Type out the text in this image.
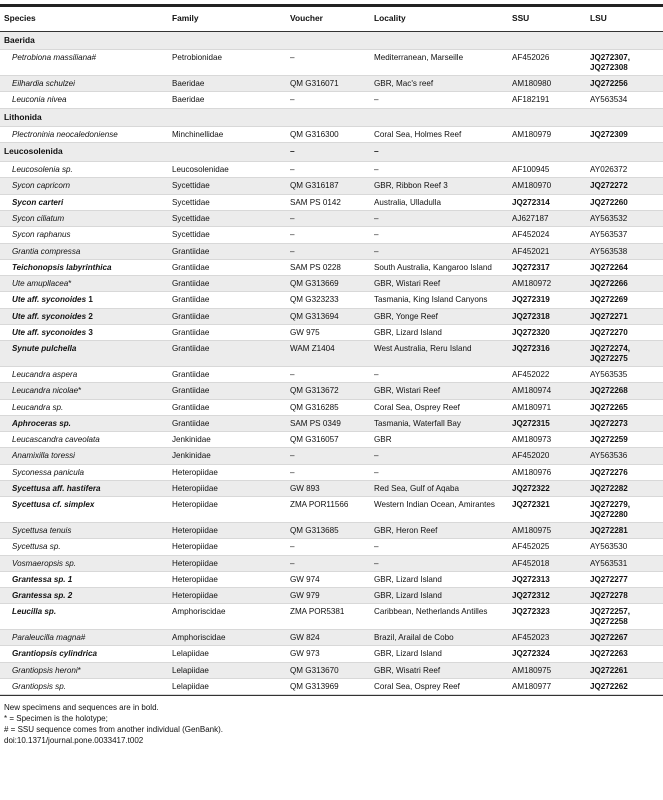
Species	Family	Voucher	Locality	SSU	LSU
Baerida					
Petrobiona massiliana#	Petrobionidae	–	Mediterranean, Marseille	AF452026	JQ272307, JQ272308
Eilhardia schulzei	Baeridae	QM G316071	GBR, Mac's reef	AM180980	JQ272256
Leuconia nivea	Baeridae	–	–	AF182191	AY563534
Lithonida					
Plectroninia neocaledoniense	Minchinellidae	QM G316300	Coral Sea, Holmes Reef	AM180979	JQ272309
Leucosolenida		–	–		
Leucosolenia sp.	Leucosolenidae	–	–	AF100945	AY026372
Sycon capricorn	Sycettidae	QM G316187	GBR, Ribbon Reef 3	AM180970	JQ272272
Sycon carteri	Sycettidae	SAM PS 0142	Australia, Ulladulla	JQ272314	JQ272260
Sycon ciliatum	Sycettidae	–	–	AJ627187	AY563532
Sycon raphanus	Sycettidae	–	–	AF452024	AY563537
Grantia compressa	Grantiidae	–	–	AF452021	AY563538
Teichonopsis labyrinthica	Grantiidae	SAM PS 0228	South Australia, Kangaroo Island	JQ272317	JQ272264
Ute amupllacea*	Grantiidae	QM G313669	GBR, Wistari Reef	AM180972	JQ272266
Ute aff. syconoides 1	Grantiidae	QM G323233	Tasmania, King Island Canyons	JQ272319	JQ272269
Ute aff. syconoides 2	Grantiidae	QM G313694	GBR, Yonge Reef	JQ272318	JQ272271
Ute aff. syconoides 3	Grantiidae	GW 975	GBR, Lizard Island	JQ272320	JQ272270
Synute pulchella	Grantiidae	WAM Z1404	West Australia, Reru Island	JQ272316	JQ272274, JQ272275
Leucandra aspera	Grantiidae	–	–	AF452022	AY563535
Leucandra nicolae*	Grantiidae	QM G313672	GBR, Wistari Reef	AM180974	JQ272268
Leucandra sp.	Grantiidae	QM G316285	Coral Sea, Osprey Reef	AM180971	JQ272265
Aphroceras sp.	Grantiidae	SAM PS 0349	Tasmania, Waterfall Bay	JQ272315	JQ272273
Leucascandra caveolata	Jenkinidae	QM G316057	GBR	AM180973	JQ272259
Anamixilla toressi	Jenkinidae	–	–	AF452020	AY563536
Syconessa panicula	Heteropiidae	–	–	AM180976	JQ272276
Sycettusa aff. hastifera	Heteropiidae	GW 893	Red Sea, Gulf of Aqaba	JQ272322	JQ272282
Sycettusa cf. simplex	Heteropiidae	ZMA POR11566	Western Indian Ocean, Amirantes	JQ272321	JQ272279, JQ272280
Sycettusa tenuis	Heteropiidae	QM G313685	GBR, Heron Reef	AM180975	JQ272281
Sycettusa sp.	Heteropiidae	–	–	AF452025	AY563530
Vosmaeropsis sp.	Heteropiidae	–	–	AF452018	AY563531
Grantessa sp. 1	Heteropiidae	GW 974	GBR, Lizard Island	JQ272313	JQ272277
Grantessa sp. 2	Heteropiidae	GW 979	GBR, Lizard Island	JQ272312	JQ272278
Leucilla sp.	Amphoriscidae	ZMA POR5381	Caribbean, Netherlands Antilles	JQ272323	JQ272257, JQ272258
Paraleucilla magna#	Amphoriscidae	GW 824	Brazil, Arailal de Cobo	AF452023	JQ272267
Grantiopsis cylindrica	Lelapiidae	GW 973	GBR, Lizard Island	JQ272324	JQ272263
Grantiopsis heroni*	Lelapiidae	QM G313670	GBR, Wisatri Reef	AM180975	JQ272261
Grantiopsis sp.	Lelapiidae	QM G313969	Coral Sea, Osprey Reef	AM180977	JQ272262
New specimens and sequences are in bold.
* = Specimen is the holotype;
# = SSU sequence comes from another individual (GenBank).
doi:10.1371/journal.pone.0033417.t002
